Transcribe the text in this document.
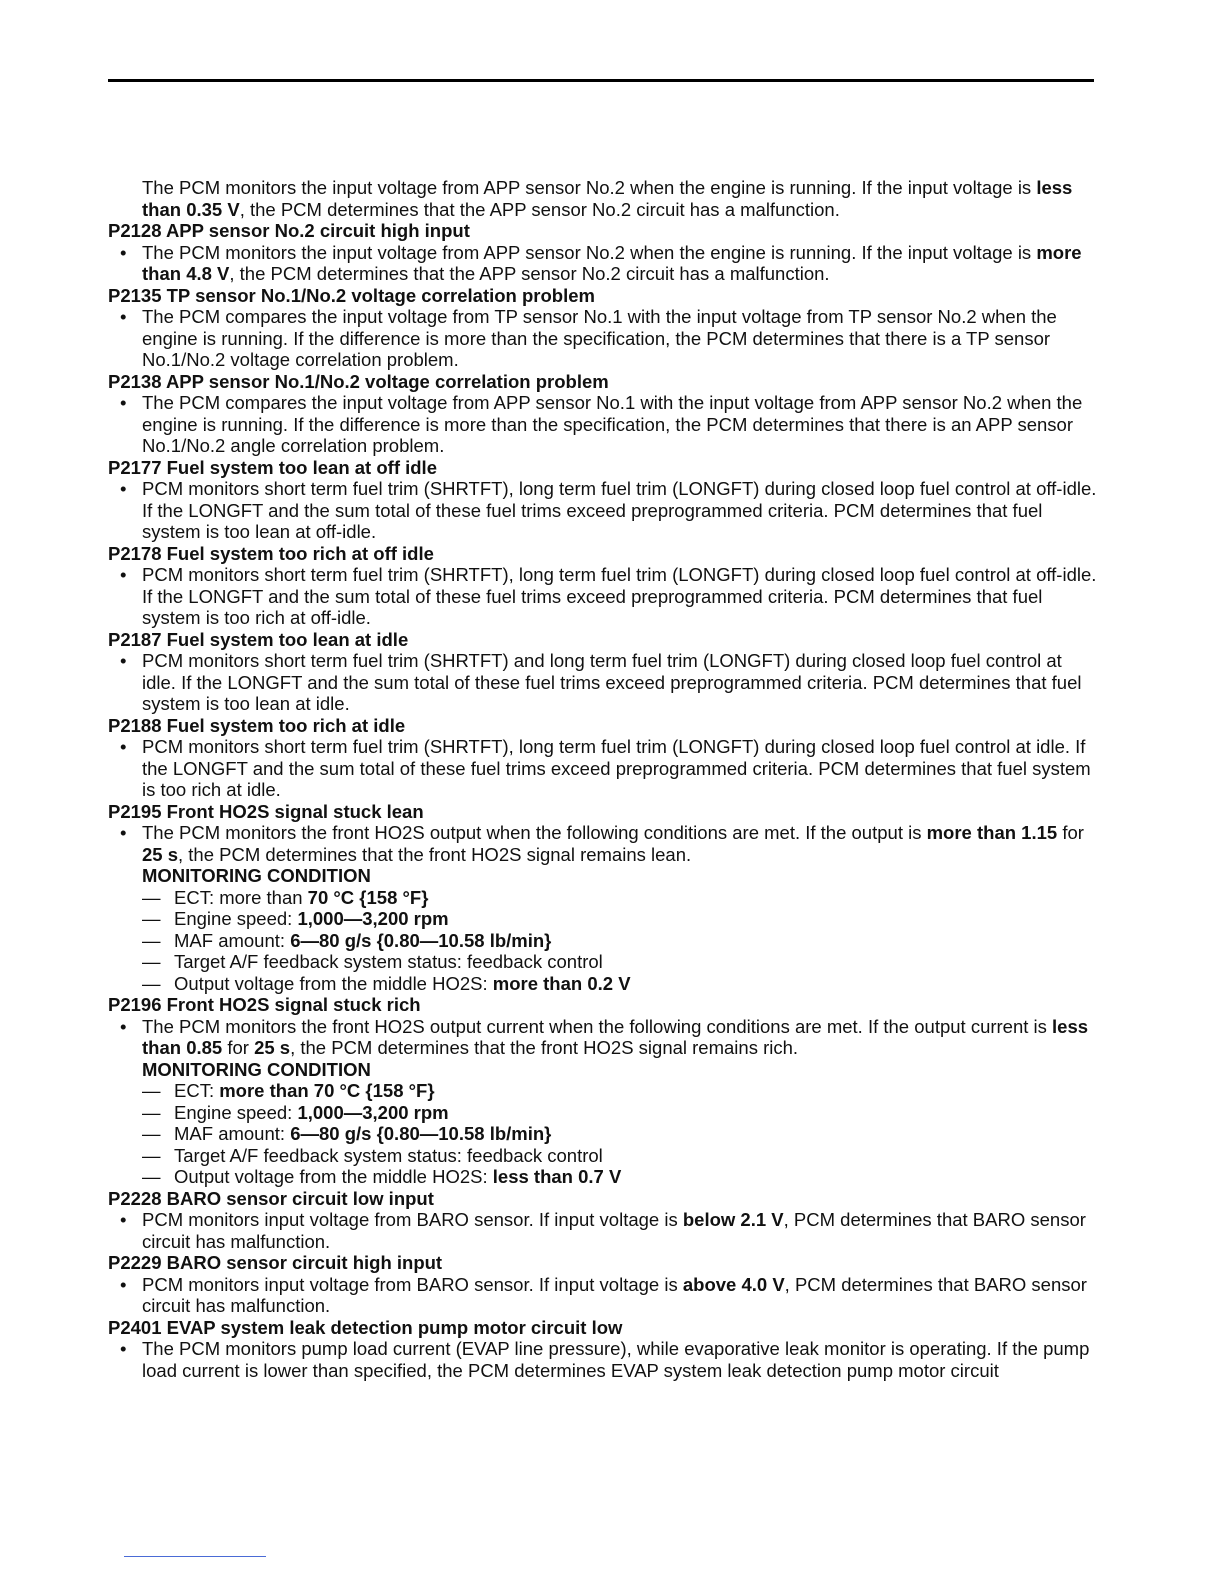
The PCM monitors the input voltage from APP sensor No.2 when the engine is running. If the input voltage is less than 0.35 V, the PCM determines that the APP sensor No.2 circuit has a malfunction.
P2128 APP sensor No.2 circuit high input
• The PCM monitors the input voltage from APP sensor No.2 when the engine is running. If the input voltage is more than 4.8 V, the PCM determines that the APP sensor No.2 circuit has a malfunction.
P2135 TP sensor No.1/No.2 voltage correlation problem
• The PCM compares the input voltage from TP sensor No.1 with the input voltage from TP sensor No.2 when the engine is running. If the difference is more than the specification, the PCM determines that there is a TP sensor No.1/No.2 voltage correlation problem.
P2138 APP sensor No.1/No.2 voltage correlation problem
• The PCM compares the input voltage from APP sensor No.1 with the input voltage from APP sensor No.2 when the engine is running. If the difference is more than the specification, the PCM determines that there is an APP sensor No.1/No.2 angle correlation problem.
P2177 Fuel system too lean at off idle
• PCM monitors short term fuel trim (SHRTFT), long term fuel trim (LONGFT) during closed loop fuel control at off-idle. If the LONGFT and the sum total of these fuel trims exceed preprogrammed criteria. PCM determines that fuel system is too lean at off-idle.
P2178 Fuel system too rich at off idle
• PCM monitors short term fuel trim (SHRTFT), long term fuel trim (LONGFT) during closed loop fuel control at off-idle. If the LONGFT and the sum total of these fuel trims exceed preprogrammed criteria. PCM determines that fuel system is too rich at off-idle.
P2187 Fuel system too lean at idle
• PCM monitors short term fuel trim (SHRTFT) and long term fuel trim (LONGFT) during closed loop fuel control at idle. If the LONGFT and the sum total of these fuel trims exceed preprogrammed criteria. PCM determines that fuel system is too lean at idle.
P2188 Fuel system too rich at idle
• PCM monitors short term fuel trim (SHRTFT), long term fuel trim (LONGFT) during closed loop fuel control at idle. If the LONGFT and the sum total of these fuel trims exceed preprogrammed criteria. PCM determines that fuel system is too rich at idle.
P2195 Front HO2S signal stuck lean
• The PCM monitors the front HO2S output when the following conditions are met. If the output is more than 1.15 for 25 s, the PCM determines that the front HO2S signal remains lean.
MONITORING CONDITION
— ECT: more than 70 °C {158 °F}
— Engine speed: 1,000—3,200 rpm
— MAF amount: 6—80 g/s {0.80—10.58 lb/min}
— Target A/F feedback system status: feedback control
— Output voltage from the middle HO2S: more than 0.2 V
P2196 Front HO2S signal stuck rich
• The PCM monitors the front HO2S output current when the following conditions are met. If the output current is less than 0.85 for 25 s, the PCM determines that the front HO2S signal remains rich.
MONITORING CONDITION
— ECT: more than 70 °C {158 °F}
— Engine speed: 1,000—3,200 rpm
— MAF amount: 6—80 g/s {0.80—10.58 lb/min}
— Target A/F feedback system status: feedback control
— Output voltage from the middle HO2S: less than 0.7 V
P2228 BARO sensor circuit low input
• PCM monitors input voltage from BARO sensor. If input voltage is below 2.1 V, PCM determines that BARO sensor circuit has malfunction.
P2229 BARO sensor circuit high input
• PCM monitors input voltage from BARO sensor. If input voltage is above 4.0 V, PCM determines that BARO sensor circuit has malfunction.
P2401 EVAP system leak detection pump motor circuit low
• The PCM monitors pump load current (EVAP line pressure), while evaporative leak monitor is operating. If the pump load current is lower than specified, the PCM determines EVAP system leak detection pump motor circuit
